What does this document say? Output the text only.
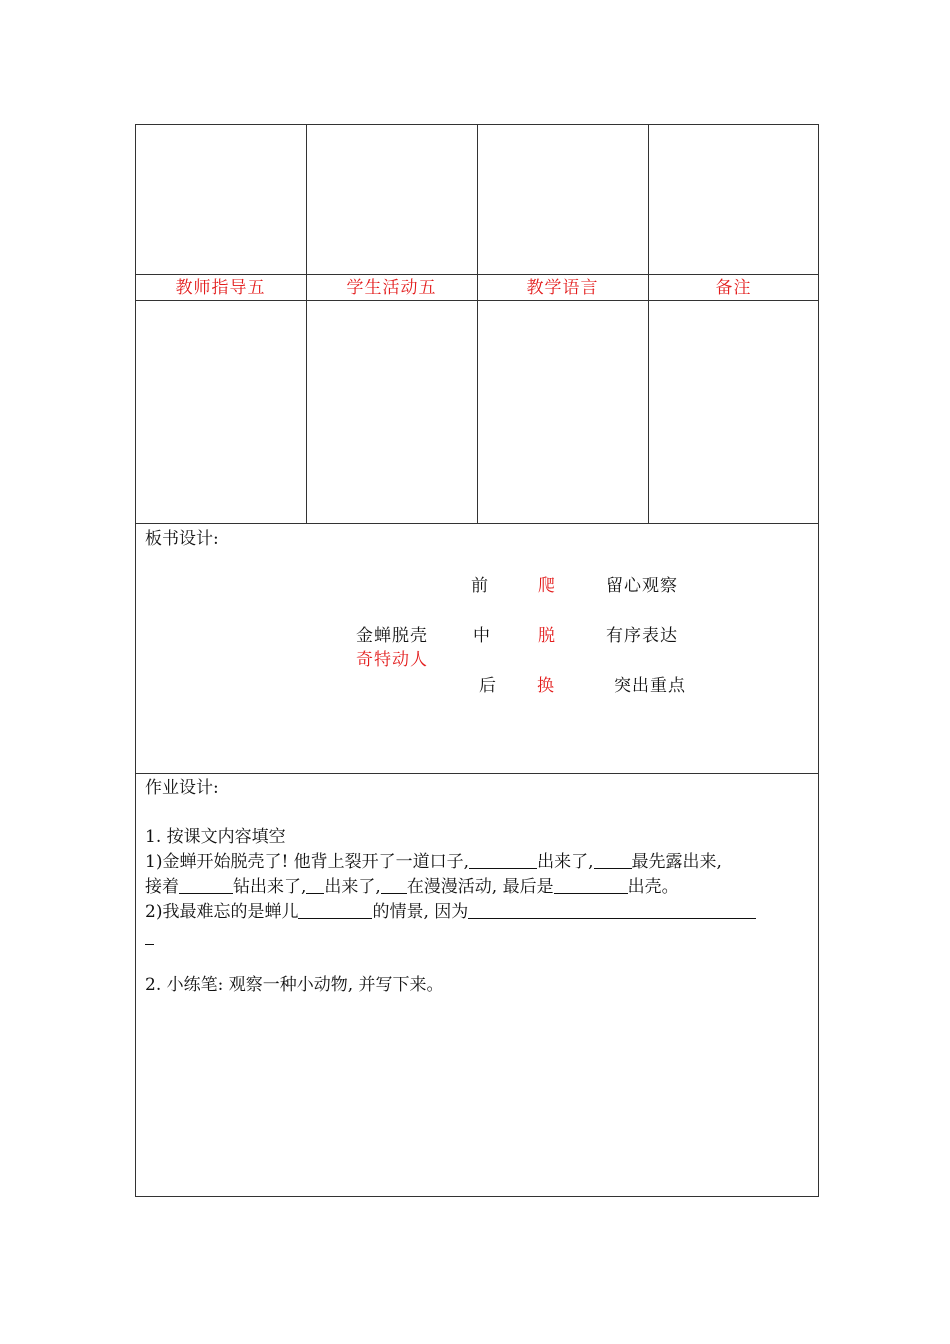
教师指导五	学生活动五	教学语言	备注
板书设计:
前	爬	留心观察
金蝉脱壳	中	脱	有序表达
奇特动人
后 换	突出重点
作业设计:
1. 按课文内容填空
1)金蝉开始脱壳了! 他背上裂开了一道口子,	出来了, 最先露出来,
接着	钻出来了, 出来了, 在漫漫活动, 最后是	出壳。
2)我最难忘的是蝉儿	的情景, 因为
2. 小练笔: 观察一种小动物, 并写下来。
